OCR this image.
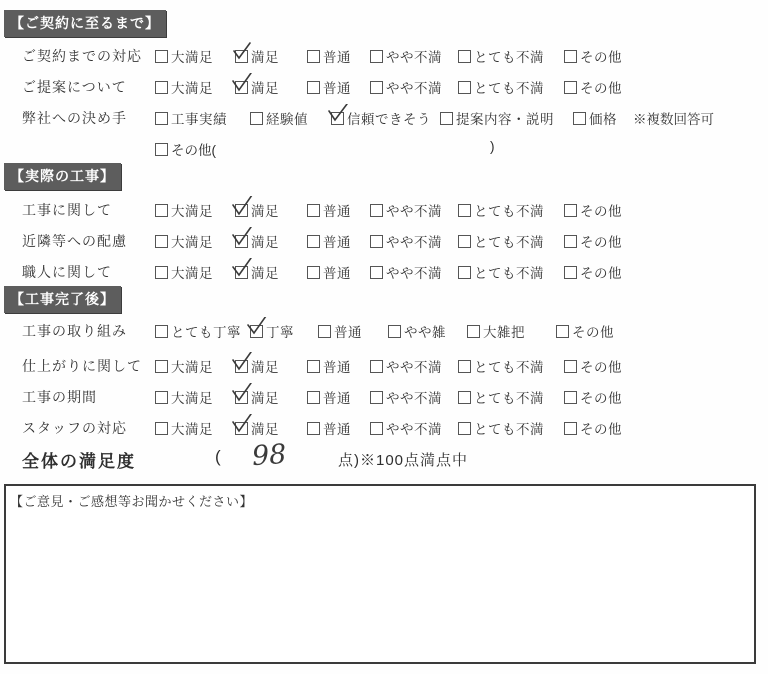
【ご契約に至るまで】
ご契約までの対応	大満足	満足	普通	やや不満	とても不満	その他
ご提案について	大満足	満足	普通	やや不満	とても不満	その他
弊社への決め手	工事実績	経験値	信頼できそう	提案内容・説明	価格 ※複数回答可
その他(	)
【実際の工事】
工事に関して	大満足	満足	普通	やや不満	とても不満	その他
近隣等への配慮	大満足	満足	普通	やや不満	とても不満	その他
職人に関して	大満足	満足	普通	やや不満	とても不満	その他
【工事完了後】
工事の取り組み	とても丁寧	丁寧	普通	やや雑	大雑把	その他
仕上がりに関して	大満足	満足	普通	やや不満	とても不満	その他
工事の期間	大満足	満足	普通	やや不満	とても不満	その他
スタッフの対応	大満足	満足	普通	やや不満	とても不満	その他
全体の満足度	( 98
	点)※100点満点中
【ご意見・ご感想等お聞かせください】
